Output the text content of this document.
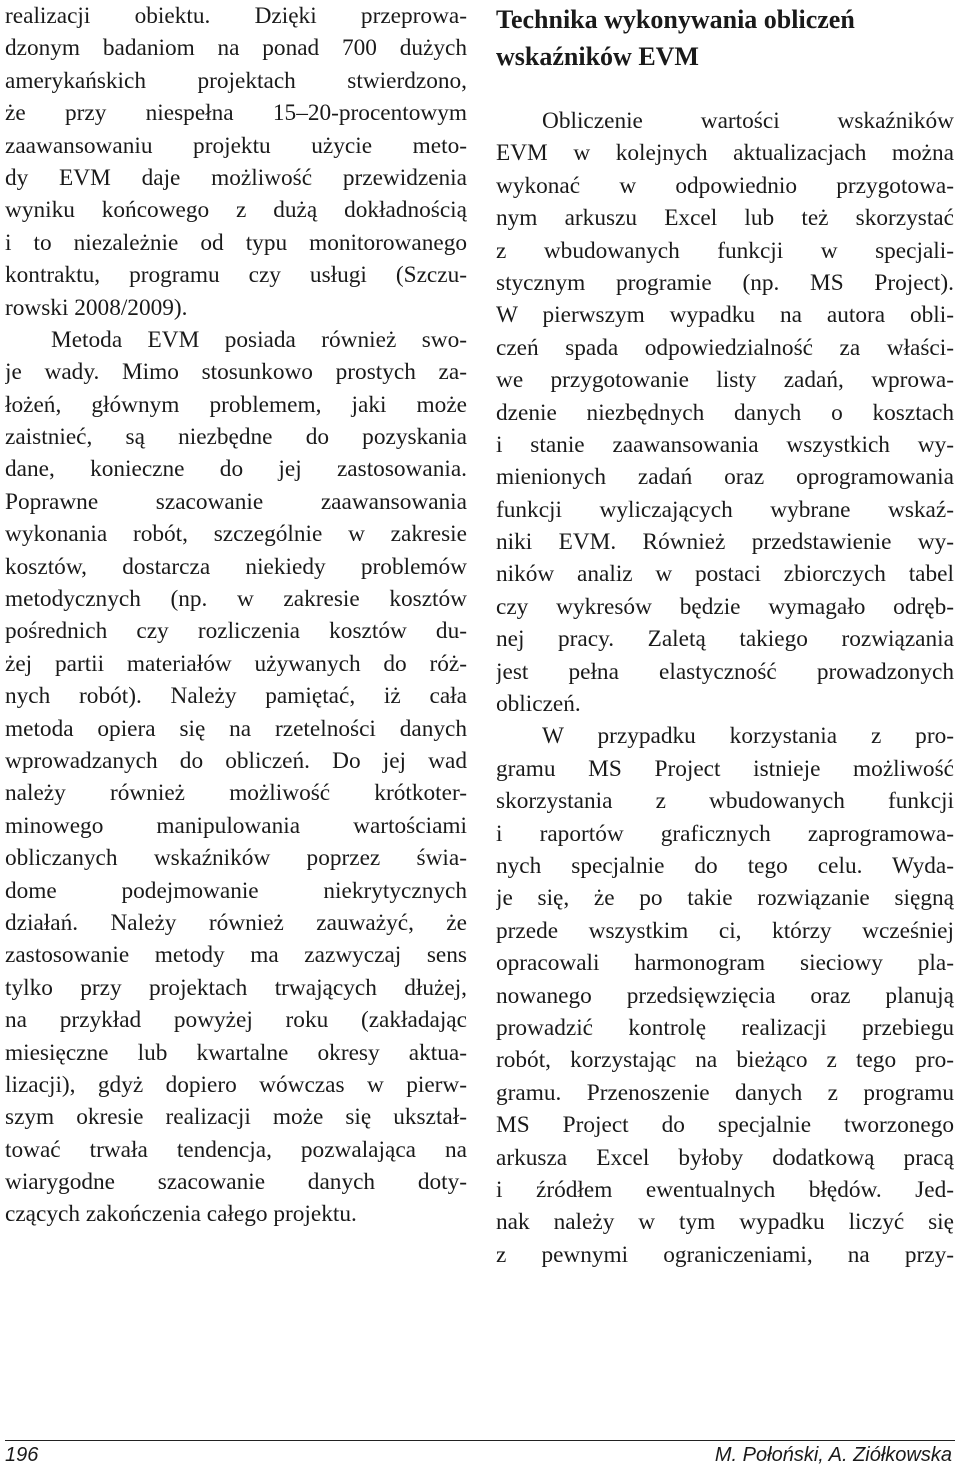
realizacji obiektu. Dzięki przeprowa-
dzonym badaniom na ponad 700 dużych
amerykańskich projektach stwierdzono,
że przy niespełna 15–20-procentowym
zaawansowaniu projektu użycie meto-
dy EVM daje możliwość przewidzenia
wyniku końcowego z dużą dokładnością
i to niezależnie od typu monitorowanego
kontraktu, programu czy usługi (Szczu-
rowski 2008/2009).
Metoda EVM posiada również swo-
je wady. Mimo stosunkowo prostych za-
łożeń, głównym problemem, jaki może
zaistnieć, są niezbędne do pozyskania
dane, konieczne do jej zastosowania.
Poprawne szacowanie zaawansowania
wykonania robót, szczególnie w zakresie
kosztów, dostarcza niekiedy problemów
metodycznych (np. w zakresie kosztów
pośrednich czy rozliczenia kosztów du-
żej partii materiałów używanych do róż-
nych robót). Należy pamiętać, iż cała
metoda opiera się na rzetelności danych
wprowadzanych do obliczeń. Do jej wad
należy również możliwość krótkoter-
minowego manipulowania wartościami
obliczanych wskaźników poprzez świa-
dome podejmowanie niekrytycznych
działań. Należy również zauważyć, że
zastosowanie metody ma zazwyczaj sens
tylko przy projektach trwających dłużej,
na przykład powyżej roku (zakładając
miesięczne lub kwartalne okresy aktua-
lizacji), gdyż dopiero wówczas w pierw-
szym okresie realizacji może się ukształ-
tować trwała tendencja, pozwalająca na
wiarygodne szacowanie danych doty-
czących zakończenia całego projektu.
Technika wykonywania obliczeń
wskaźników EVM
Obliczenie wartości wskaźników
EVM w kolejnych aktualizacjach można
wykonać w odpowiednio przygotowa-
nym arkuszu Excel lub też skorzystać
z wbudowanych funkcji w specjali-
stycznym programie (np. MS Project).
W pierwszym wypadku na autora obli-
czeń spada odpowiedzialność za właści-
we przygotowanie listy zadań, wprowa-
dzenie niezbędnych danych o kosztach
i stanie zaawansowania wszystkich wy-
mienionych zadań oraz oprogramowania
funkcji wyliczających wybrane wskaź-
niki EVM. Również przedstawienie wy-
ników analiz w postaci zbiorczych tabel
czy wykresów będzie wymagało odręb-
nej pracy. Zaletą takiego rozwiązania
jest pełna elastyczność prowadzonych
obliczeń.
W przypadku korzystania z pro-
gramu MS Project istnieje możliwość
skorzystania z wbudowanych funkcji
i raportów graficznych zaprogramowa-
nych specjalnie do tego celu. Wyda-
je się, że po takie rozwiązanie sięgną
przede wszystkim ci, którzy wcześniej
opracowali harmonogram sieciowy pla-
nowanego przedsięwzięcia oraz planują
prowadzić kontrolę realizacji przebiegu
robót, korzystając na bieżąco z tego pro-
gramu. Przenoszenie danych z programu
MS Project do specjalnie tworzonego
arkusza Excel byłoby dodatkową pracą
i źródłem ewentualnych błędów. Jed-
nak należy w tym wypadku liczyć się
z pewnymi ograniczeniami, na przy-
196	M. Połoński, A. Ziółkowska
